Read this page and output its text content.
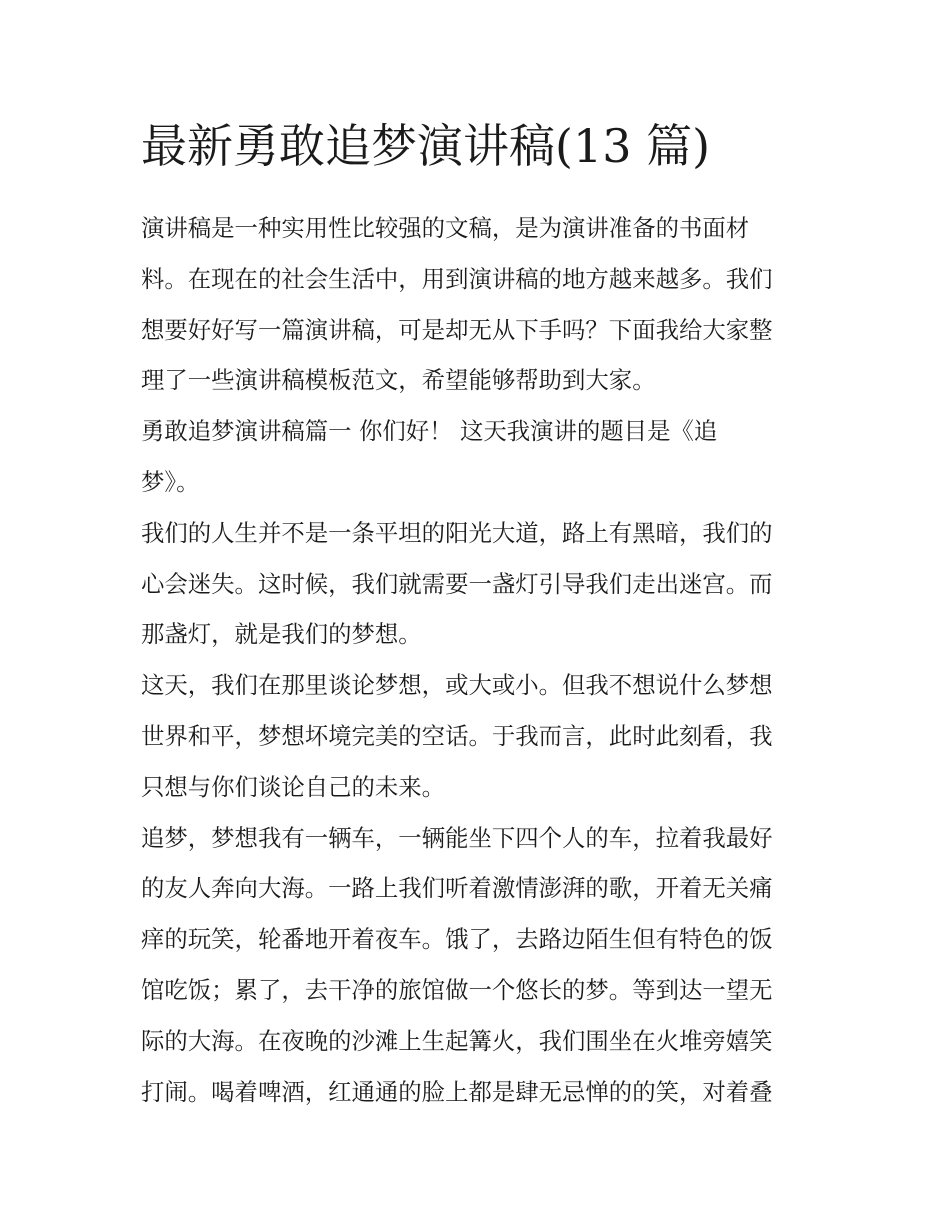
最新勇敢追梦演讲稿(13 篇)

演讲稿是一种实用性比较强的文稿，是为演讲准备的书面材
料。在现在的社会生活中，用到演讲稿的地方越来越多。我们
想要好好写一篇演讲稿，可是却无从下手吗？下面我给大家整
理了一些演讲稿模板范文，希望能够帮助到大家。

勇敢追梦演讲稿篇一 你们好！ 这天我演讲的题目是《追
梦》。

我们的人生并不是一条平坦的阳光大道，路上有黑暗，我们的
心会迷失。这时候，我们就需要一盏灯引导我们走出迷宫。而
那盏灯，就是我们的梦想。

这天，我们在那里谈论梦想，或大或小。但我不想说什么梦想
世界和平，梦想坏境完美的空话。于我而言，此时此刻看，我
只想与你们谈论自己的未来。

追梦，梦想我有一辆车，一辆能坐下四个人的车，拉着我最好
的友人奔向大海。一路上我们听着激情澎湃的歌，开着无关痛
痒的玩笑，轮番地开着夜车。饿了，去路边陌生但有特色的饭
馆吃饭；累了，去干净的旅馆做一个悠长的梦。等到达一望无
际的大海。在夜晚的沙滩上生起篝火，我们围坐在火堆旁嬉笑
打闹。喝着啤酒，红通通的脸上都是肆无忌惮的的笑，对着叠
